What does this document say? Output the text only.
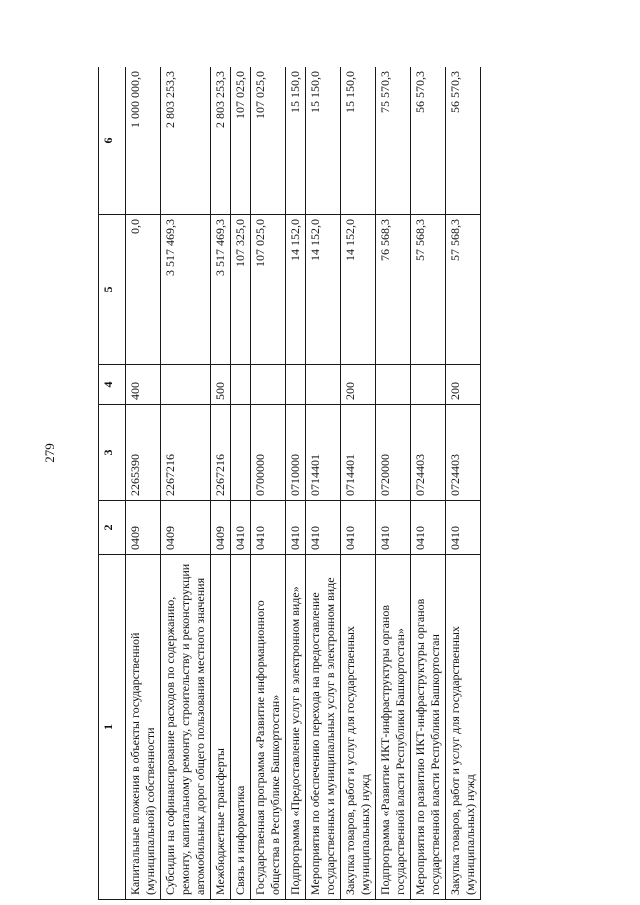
279
1	2	3	4	5	6
Капитальные вложения в объекты государственной (муниципальной) собственности	0409	2265390	400	0,0	1 000 000,0
Субсидии на софинансирование расходов по содержанию, ремонту, капитальному ремонту, строительству и реконструкции автомобильных дорог общего пользования местного значения	0409	2267216		3 517 469,3	2 803 253,3
Межбюджетные трансферты	0409	2267216	500	3 517 469,3	2 803 253,3
Связь и информатика	0410			107 325,0	107 025,0
Государственная программа «Развитие информационного общества в Республике Башкортостан»	0410	0700000		107 025,0	107 025,0
Подпрограмма «Предоставление услуг в электронном виде»	0410	0710000		14 152,0	15 150,0
Мероприятия по обеспечению перехода на предоставление государственных и муниципальных услуг в электронном виде	0410	0714401		14 152,0	15 150,0
Закупка товаров, работ и услуг для государственных (муниципальных) нужд	0410	0714401	200	14 152,0	15 150,0
Подпрограмма «Развитие ИКТ-инфраструктуры органов государственной власти Республики Башкортостан»	0410	0720000		76 568,3	75 570,3
Мероприятия по развитию ИКТ-инфраструктуры органов государственной власти Республики Башкортостан	0410	0724403		57 568,3	56 570,3
Закупка товаров, работ и услуг для государственных (муниципальных) нужд	0410	0724403	200	57 568,3	56 570,3
